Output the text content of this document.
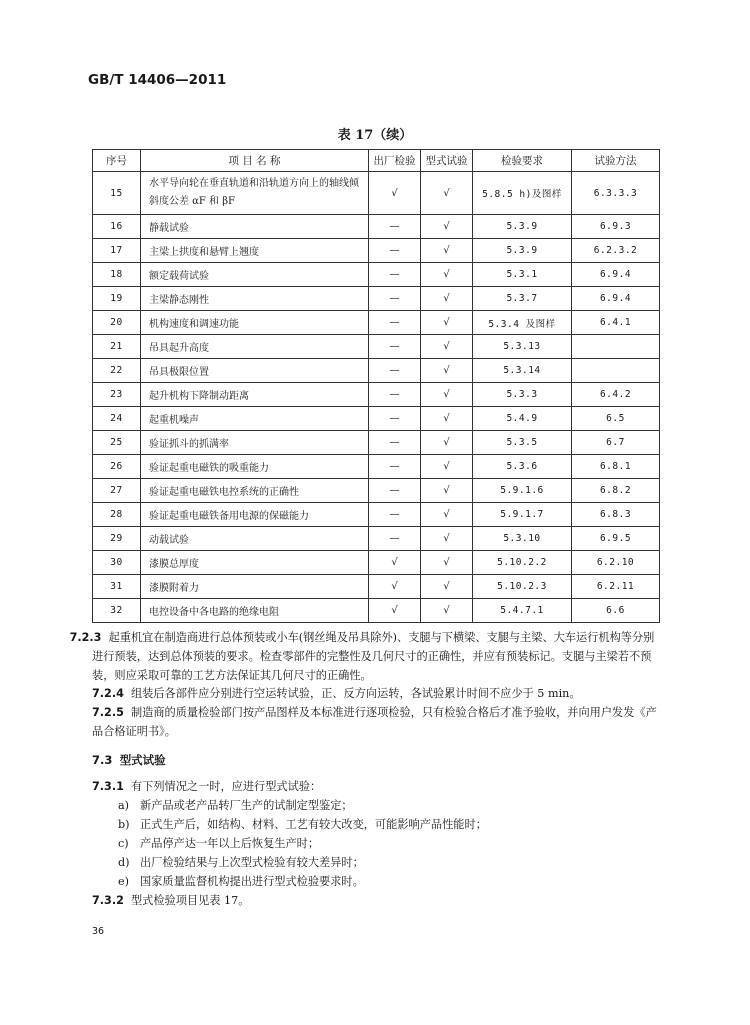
GB/T 14406—2011
表 17（续）
序号	项 目 名 称	出厂检验	型式试验	检验要求	试验方法
15	水平导向轮在垂直轨道和沿轨道方向上的轴线倾斜度公差 αF 和 βF	√	√	5.8.5 h)及图样	6.3.3.3
16	静载试验	—	√	5.3.9	6.9.3
17	主梁上拱度和悬臂上翘度	—	√	5.3.9	6.2.3.2
18	额定载荷试验	—	√	5.3.1	6.9.4
19	主梁静态刚性	—	√	5.3.7	6.9.4
20	机构速度和调速功能	—	√	5.3.4 及图样	6.4.1
21	吊具起升高度	—	√	5.3.13	
22	吊具极限位置	—	√	5.3.14	
23	起升机构下降制动距离	—	√	5.3.3	6.4.2
24	起重机噪声	—	√	5.4.9	6.5
25	验证抓斗的抓满率	—	√	5.3.5	6.7
26	验证起重电磁铁的吸重能力	—	√	5.3.6	6.8.1
27	验证起重电磁铁电控系统的正确性	—	√	5.9.1.6	6.8.2
28	验证起重电磁铁备用电源的保磁能力	—	√	5.9.1.7	6.8.3
29	动载试验	—	√	5.3.10	6.9.5
30	漆膜总厚度	√	√	5.10.2.2	6.2.10
31	漆膜附着力	√	√	5.10.2.3	6.2.11
32	电控设备中各电路的绝缘电阻	√	√	5.4.7.1	6.6

7.2.3 起重机宜在制造商进行总体预装或小车(钢丝绳及吊具除外)、支腿与下横梁、支腿与主梁、大车运行机构等分别进行预装，达到总体预装的要求。检查零部件的完整性及几何尺寸的正确性，并应有预装标记。支腿与主梁若不预装，则应采取可靠的工艺方法保证其几何尺寸的正确性。

7.2.4 组装后各部件应分别进行空运转试验，正、反方向运转，各试验累计时间不应少于 5 min。

7.2.5 制造商的质量检验部门按产品图样及本标准进行逐项检验，只有检验合格后才准予验收，并向用户发发《产品合格证明书》。

7.3 型式试验

7.3.1 有下列情况之一时，应进行型式试验：

a) 新产品或老产品转厂生产的试制定型鉴定；

b) 正式生产后，如结构、材料、工艺有较大改变，可能影响产品性能时；

c) 产品停产达一年以上后恢复生产时；

d) 出厂检验结果与上次型式检验有较大差异时；

e) 国家质量监督机构提出进行型式检验要求时。

7.3.2 型式检验项目见表 17。

36
